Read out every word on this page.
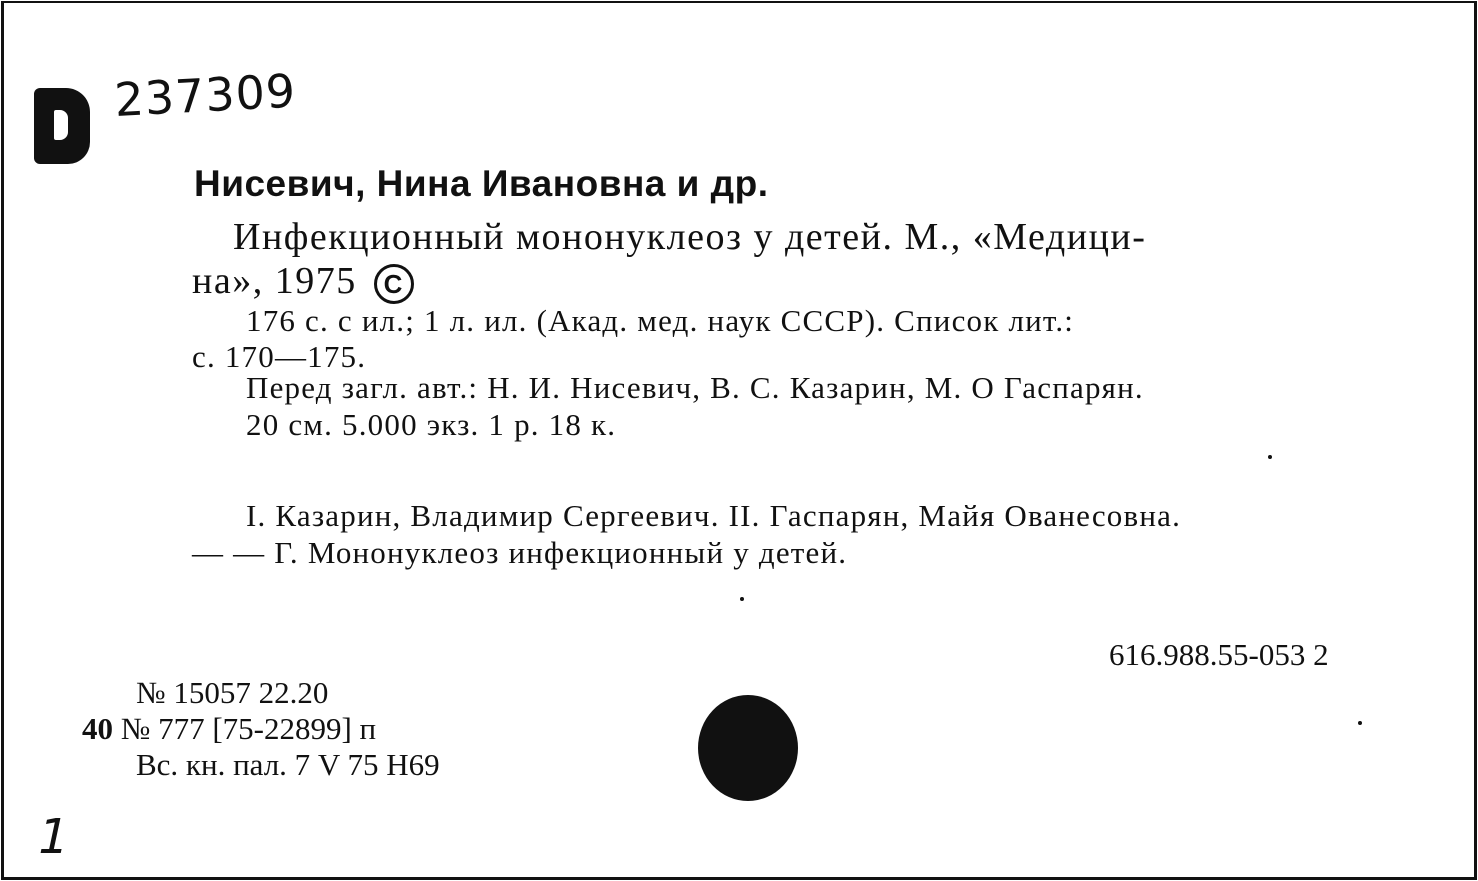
237309
Нисевич, Нина Ивановна и др.
Инфекционный мононуклеоз у детей. М., «Медици-
на», 1975 C
176 с. с ил.; 1 л. ил. (Акад. мед. наук СССР). Список лит.:
с. 170—175.
Перед загл. авт.: Н. И. Нисевич, В. С. Казарин, М. О Гаспарян.
20 см. 5.000 экз. 1 р. 18 к.
I. Казарин, Владимир Сергеевич. II. Гаспарян, Майя Ованесовна.
— — Г. Мононуклеоз инфекционный у детей.
616.988.55-053 2
№ 15057 22.20
40 № 777 [75-22899] п
Вс. кн. пал. 7 V 75 Н69
1
